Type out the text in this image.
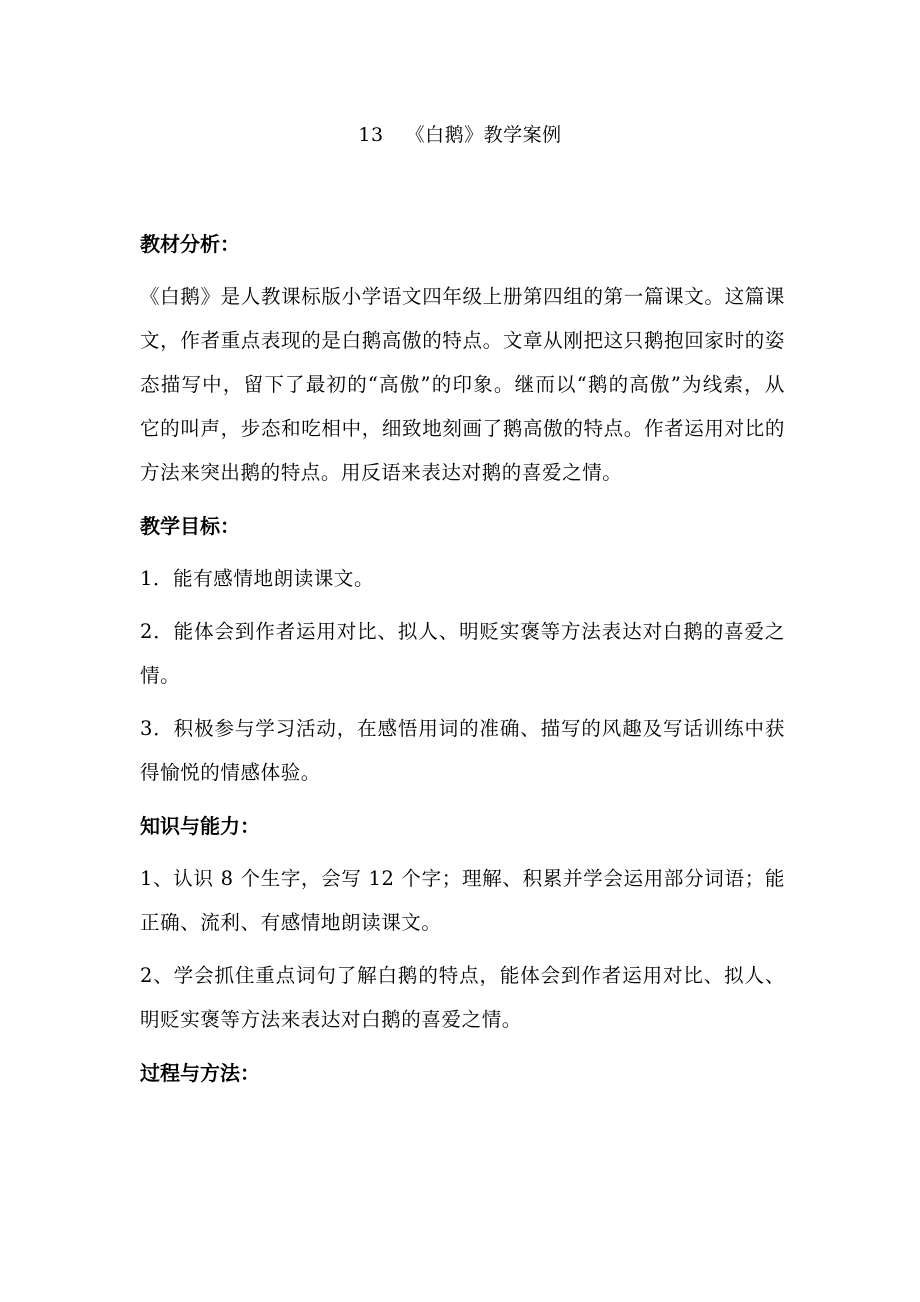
13 《白鹅》教学案例
教材分析：

《白鹅》是人教课标版小学语文四年级上册第四组的第一篇课文。这篇课文，作者重点表现的是白鹅高傲的特点。文章从刚把这只鹅抱回家时的姿态描写中，留下了最初的“高傲”的印象。继而以“鹅的高傲”为线索，从它的叫声，步态和吃相中，细致地刻画了鹅高傲的特点。作者运用对比的方法来突出鹅的特点。用反语来表达对鹅的喜爱之情。

教学目标：

1．能有感情地朗读课文。

2．能体会到作者运用对比、拟人、明贬实褒等方法表达对白鹅的喜爱之情。

3．积极参与学习活动，在感悟用词的准确、描写的风趣及写话训练中获得愉悦的情感体验。

知识与能力：

1、认识 8 个生字，会写 12 个字；理解、积累并学会运用部分词语；能正确、流利、有感情地朗读课文。

2、学会抓住重点词句了解白鹅的特点，能体会到作者运用对比、拟人、明贬实褒等方法来表达对白鹅的喜爱之情。

过程与方法：
